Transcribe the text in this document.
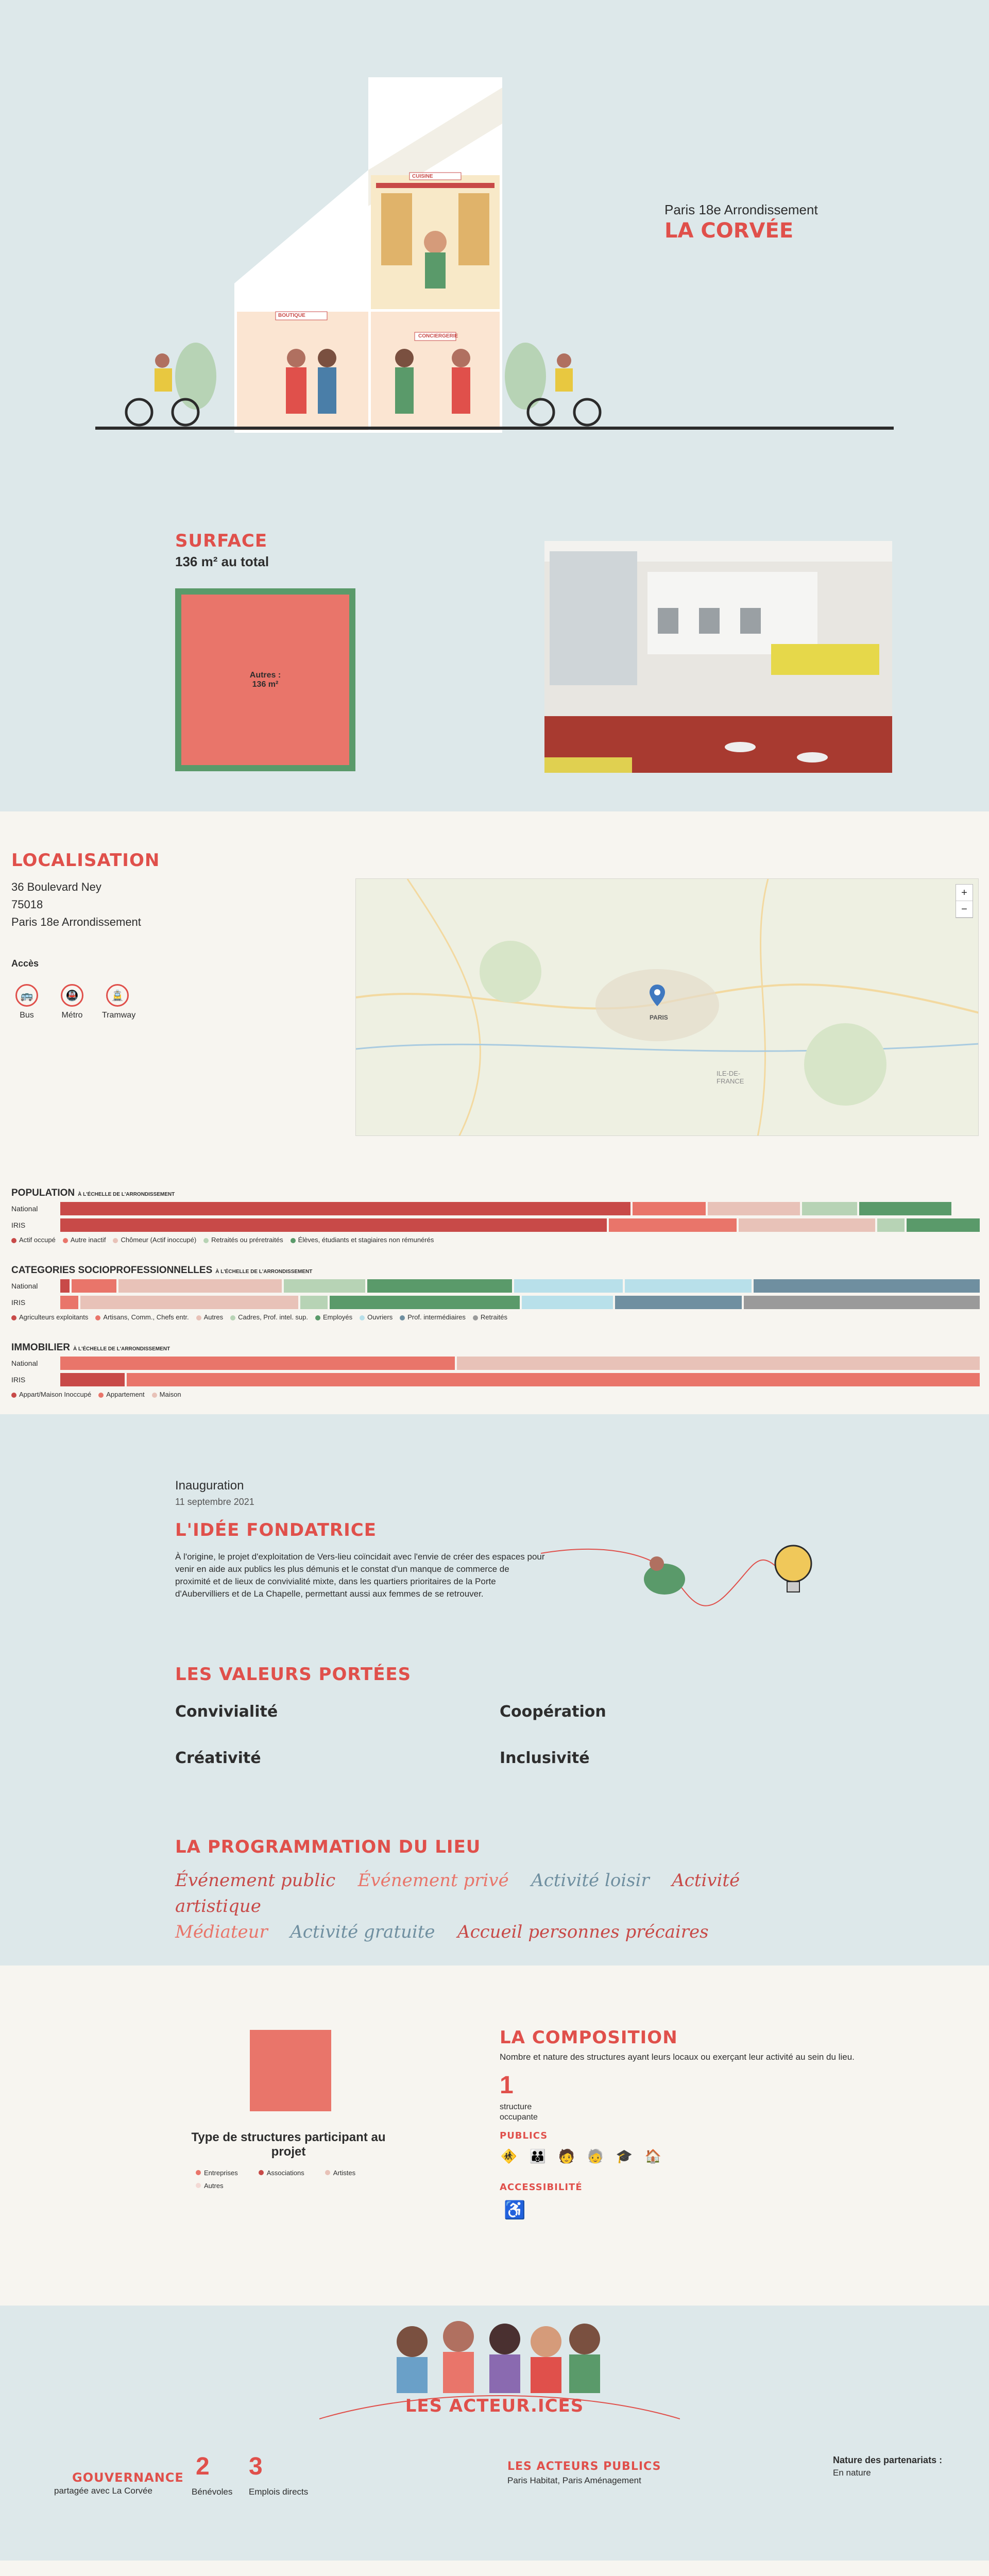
CUISINE
BOUTIQUE
CONCIERGERIE
Paris 18e Arrondissement
LA CORVÉE
SURFACE
136 m² au total
Autres :
136 m²
LOCALISATION
36 Boulevard Ney
75018
Paris 18e Arrondissement
Accès
🚌
Bus
🚇
Métro
🚊
Tramway	PARIS
ILE-DE-FRANCE
+
−
POPULATION À L'ÉCHELLE DE L'ARRONDISSEMENT
National
IRIS
Actif occupé	Autre inactif	Chômeur (Actif inoccupé)	Retraités ou préretraités	Élèves, étudiants et stagiaires non rémunérés
CATEGORIES SOCIOPROFESSIONNELLES À L'ÉCHELLE DE L'ARRONDISSEMENT
National
IRIS
Agriculteurs exploitants	Artisans, Comm., Chefs entr.	Autres	Cadres, Prof. intel. sup.	Employés	Ouvriers	Prof. intermédiaires	Retraités
IMMOBILIER À L'ÉCHELLE DE L'ARRONDISSEMENT
National
IRIS
Appart/Maison Inoccupé	Appartement	Maison
Inauguration
11 septembre 2021
L'IDÉE FONDATRICE
À l'origine, le projet d'exploitation de Vers-lieu coïncidait avec l'envie de créer des espaces pour venir en aide aux publics les plus démunis et le constat d'un manque de commerce de proximité et de lieux de convivialité mixte, dans les quartiers prioritaires de la Porte d'Aubervilliers et de La Chapelle, permettant aussi aux femmes de se retrouver.
LES VALEURS PORTÉES
Convivialité	Coopération
Créativité	Inclusivité
LA PROGRAMMATION DU LIEU
Événement public Événement privé Activité loisir Activité artistique
Médiateur Activité gratuite Accueil personnes précaires
Type de structures participant au projet
Entreprises	Associations	Artistes
Autres
LA COMPOSITION
Nombre et nature des structures ayant leurs locaux ou exerçant leur activité au sein du lieu.
1
structure occupante
PUBLICS
🚸 👪 🧑 🧓 🎓 🏠
ACCESSIBILITÉ
♿
LES ACTEUR.ICES
GOUVERNANCE
partagée avec La Corvée
2
Bénévoles
3
Emplois directs
LES ACTEURS PUBLICS
Paris Habitat, Paris Aménagement
Nature des partenariats :
En nature
